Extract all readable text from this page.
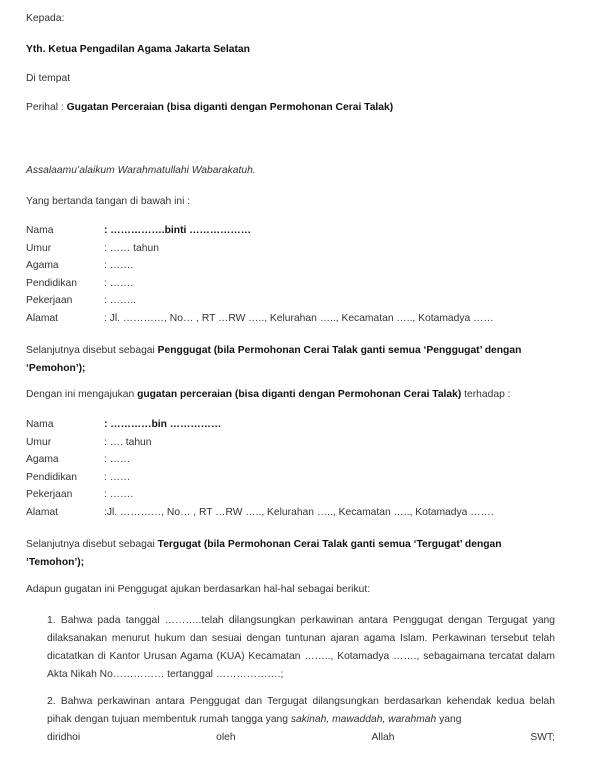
Kepada:
Yth. Ketua Pengadilan Agama Jakarta Selatan
Di tempat
Perihal : Gugatan Perceraian (bisa diganti dengan Permohonan Cerai Talak)
Assalaamu’alaikum Warahmatullahi Wabarakatuh.
Yang bertanda tangan di bawah ini :
Nama	: …………….binti ………………
Umur	: …… tahun
Agama	: …….
Pendidikan	: …….
Pekerjaan	: ……..
Alamat	: Jl. …………, No… , RT …RW ….., Kelurahan ….., Kecamatan ….., Kotamadya ……
Selanjutnya disebut sebagai Penggugat (bila Permohonan Cerai Talak ganti semua ‘Penggugat’ dengan ‘Pemohon’);
Dengan ini mengajukan gugatan perceraian (bisa diganti dengan Permohonan Cerai Talak) terhadap :
Nama	: …………bin ……………
Umur	: …. tahun
Agama	: ……
Pendidikan	: ……
Pekerjaan	: …….
Alamat	:Jl. …………, No… , RT …RW ….., Kelurahan ….., Kecamatan ….., Kotamadya …….
Selanjutnya disebut sebagai Tergugat (bila Permohonan Cerai Talak ganti semua ‘Tergugat’ dengan ‘Temohon’);
Adapun gugatan ini Penggugat ajukan berdasarkan hal-hal sebagai berikut:
1. Bahwa pada tanggal ………..telah dilangsungkan perkawinan antara Penggugat dengan Tergugat yang dilaksanakan menurut hukum dan sesuai dengan tuntunan ajaran agama Islam. Perkawinan tersebut telah dicatatkan di Kantor Urusan Agama (KUA) Kecamatan …….., Kotamadya ……., sebagaimana tercatat dalam Akta Nikah No…………… tertanggal ……………….;
2. Bahwa perkawinan antara Penggugat dan Tergugat dilangsungkan berdasarkan kehendak kedua belah pihak dengan tujuan membentuk rumah tangga yang sakinah, mawaddah, warahmah yang
diridhoi	oleh	Allah	SWT;
